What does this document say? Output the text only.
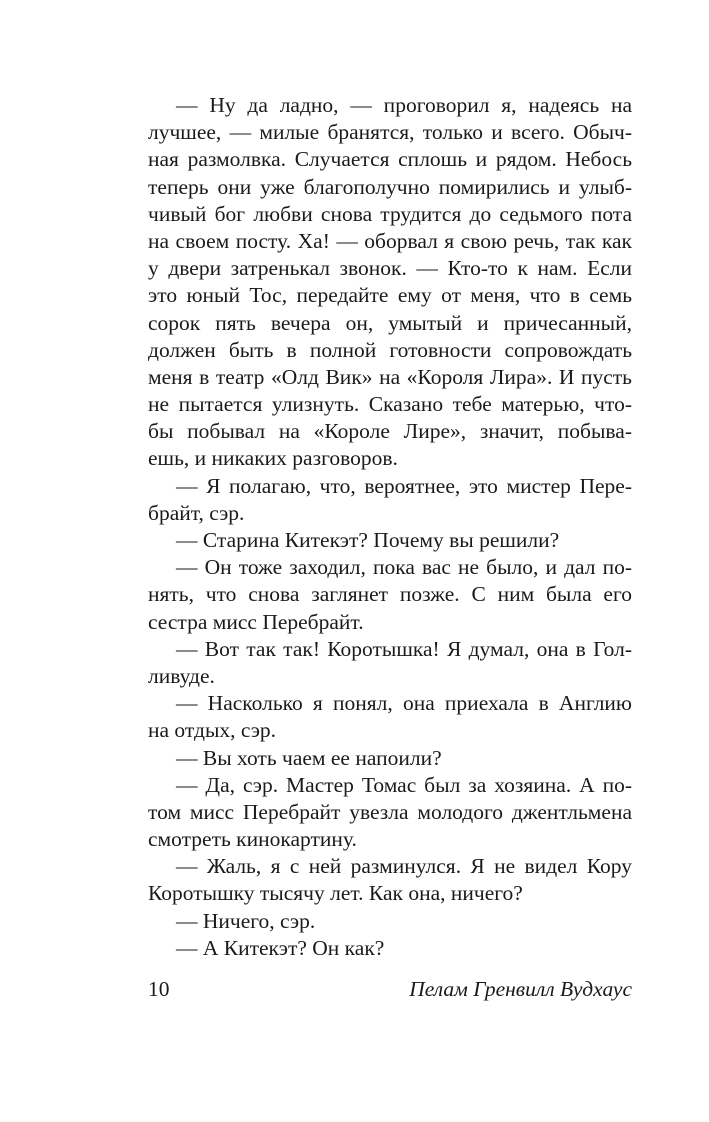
— Ну да ладно, — проговорил я, надеясь на
лучшее, — милые бранятся, только и всего. Обыч-
ная размолвка. Случается сплошь и рядом. Небось
теперь они уже благополучно помирились и улыб-
чивый бог любви снова трудится до седьмого пота
на своем посту. Ха! — оборвал я свою речь, так как
у двери затренькал звонок. — Кто-то к нам. Если
это юный Тос, передайте ему от меня, что в семь
сорок пять вечера он, умытый и причесанный,
должен быть в полной готовности сопровождать
меня в театр «Олд Вик» на «Короля Лира». И пусть
не пытается улизнуть. Сказано тебе матерью, что-
бы побывал на «Короле Лире», значит, побыва-
ешь, и никаких разговоров.
— Я полагаю, что, вероятнее, это мистер Пере-
брайт, сэр.
— Старина Китекэт? Почему вы решили?
— Он тоже заходил, пока вас не было, и дал по-
нять, что снова заглянет позже. С ним была его
сестра мисс Перебрайт.
— Вот так так! Коротышка! Я думал, она в Гол-
ливуде.
— Насколько я понял, она приехала в Англию
на отдых, сэр.
— Вы хоть чаем ее напоили?
— Да, сэр. Мастер Томас был за хозяина. А по-
том мисс Перебрайт увезла молодого джентльмена
смотреть кинокартину.
— Жаль, я с ней разминулся. Я не видел Кору
Коротышку тысячу лет. Как она, ничего?
— Ничего, сэр.
— А Китекэт? Он как?
10	Пелам Гренвилл Вудхаус
